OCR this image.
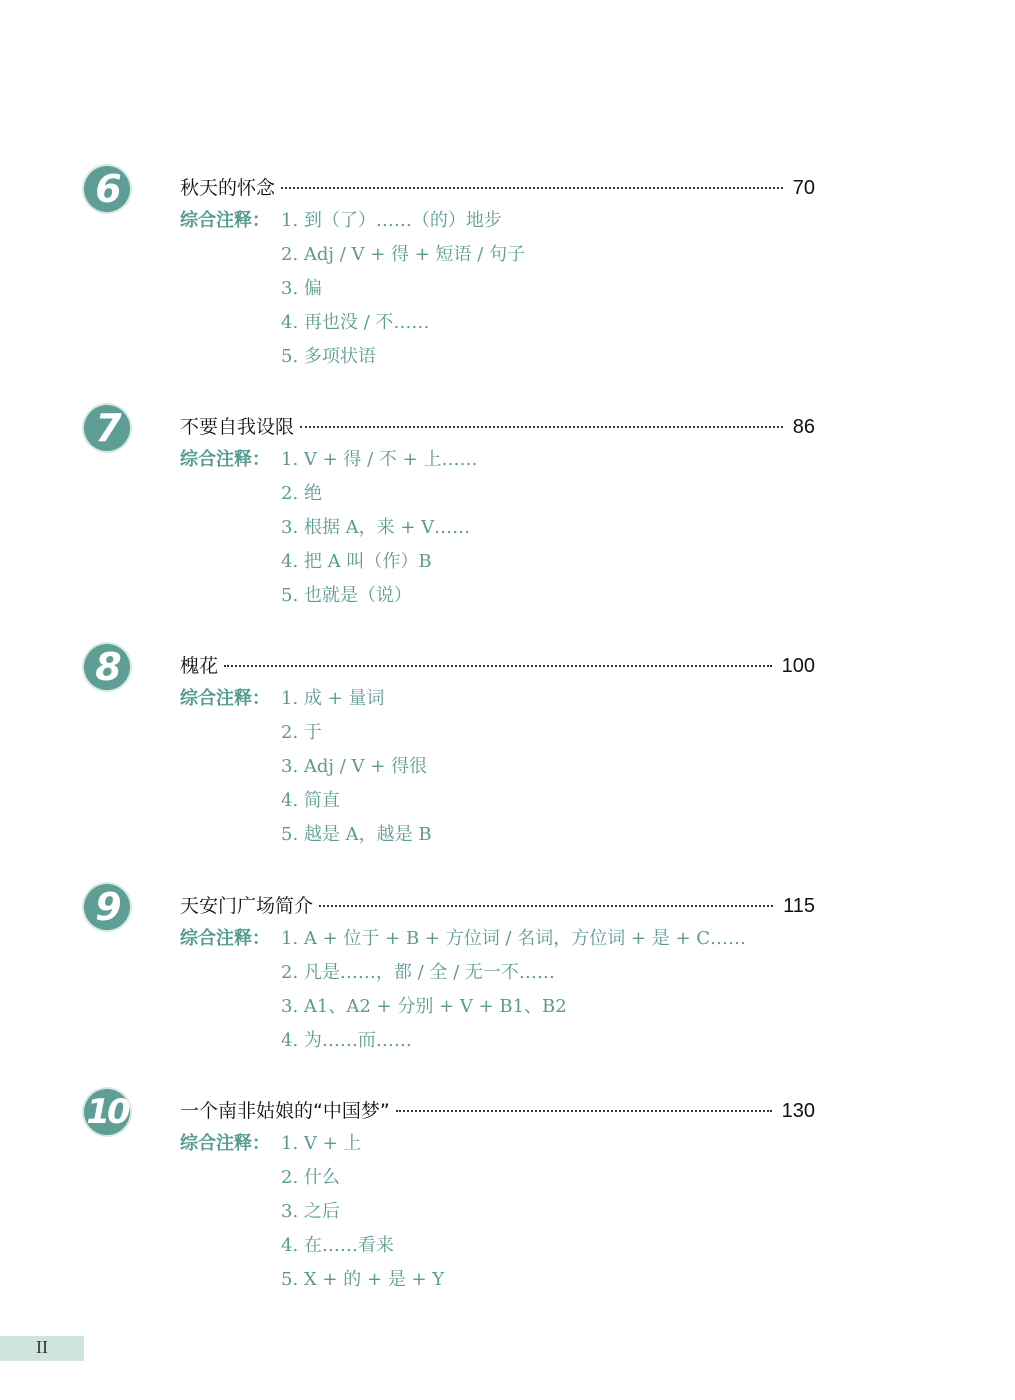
6	秋天的怀念	70
综合注释： 1. 到（了）……（的）地步
2. Adj / V + 得 + 短语 / 句子
3. 偏
4. 再也没 / 不……
5. 多项状语
7	不要自我设限	86
综合注释： 1. V + 得 / 不 + 上……
2. 绝
3. 根据 A，来 + V……
4. 把 A 叫（作）B
5. 也就是（说）
8	槐花	100
综合注释： 1. 成 + 量词
2. 于
3. Adj / V + 得很
4. 简直
5. 越是 A，越是 B
9	天安门广场简介	115
综合注释： 1. A + 位于 + B + 方位词 / 名词，方位词 + 是 + C……
2. 凡是……，都 / 全 / 无一不……
3. A1、A2 + 分别 + V + B1、B2
4. 为……而……
10	一个南非姑娘的“中国梦”	130
综合注释： 1. V + 上
2. 什么
3. 之后
4. 在……看来
5. X + 的 + 是 + Y
II
